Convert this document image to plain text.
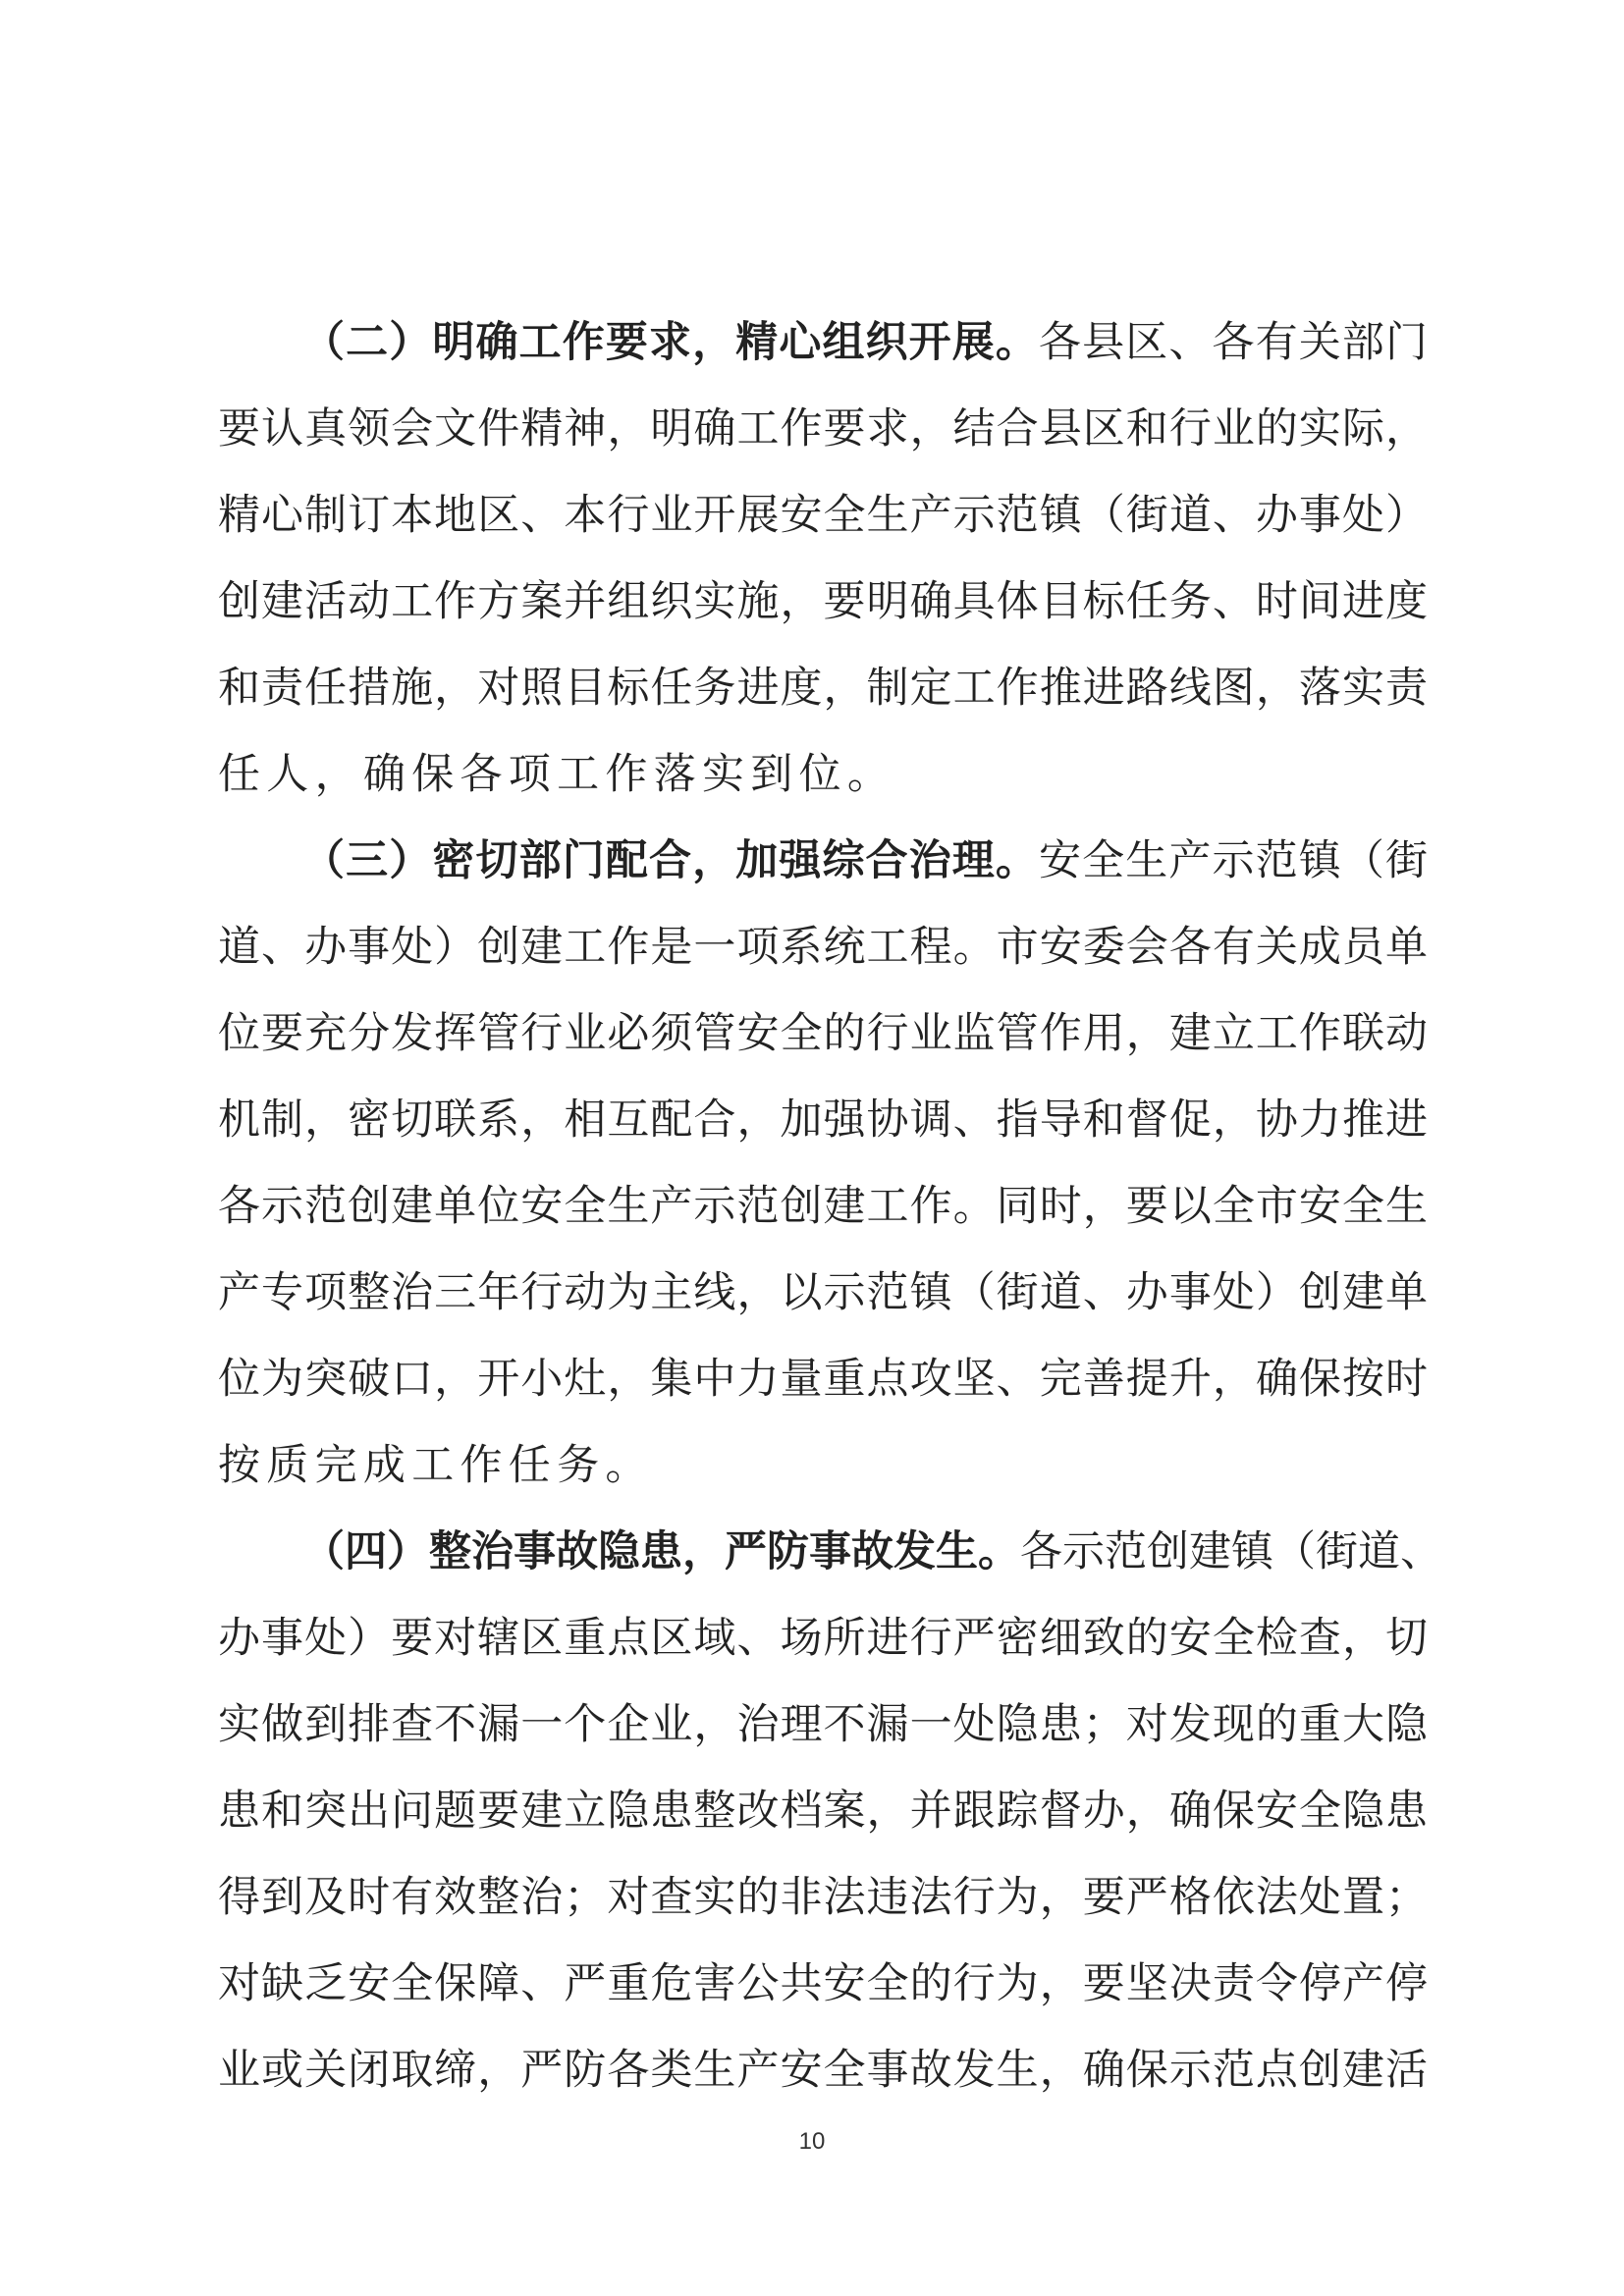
（二）明确工作要求，精心组织开展。各县区、各有关部门
要认真领会文件精神，明确工作要求，结合县区和行业的实际，
精心制订本地区、本行业开展安全生产示范镇（街道、办事处）
创建活动工作方案并组织实施，要明确具体目标任务、时间进度
和责任措施，对照目标任务进度，制定工作推进路线图，落实责
任人，确保各项工作落实到位。
（三）密切部门配合，加强综合治理。安全生产示范镇（街
道、办事处）创建工作是一项系统工程。市安委会各有关成员单
位要充分发挥管行业必须管安全的行业监管作用，建立工作联动
机制，密切联系，相互配合，加强协调、指导和督促，协力推进
各示范创建单位安全生产示范创建工作。同时，要以全市安全生
产专项整治三年行动为主线，以示范镇（街道、办事处）创建单
位为突破口，开小灶，集中力量重点攻坚、完善提升，确保按时
按质完成工作任务。
（四）整治事故隐患，严防事故发生。各示范创建镇（街道、
办事处）要对辖区重点区域、场所进行严密细致的安全检查，切
实做到排查不漏一个企业，治理不漏一处隐患；对发现的重大隐
患和突出问题要建立隐患整改档案，并跟踪督办，确保安全隐患
得到及时有效整治；对查实的非法违法行为，要严格依法处置；
对缺乏安全保障、严重危害公共安全的行为，要坚决责令停产停
业或关闭取缔，严防各类生产安全事故发生，确保示范点创建活
10
